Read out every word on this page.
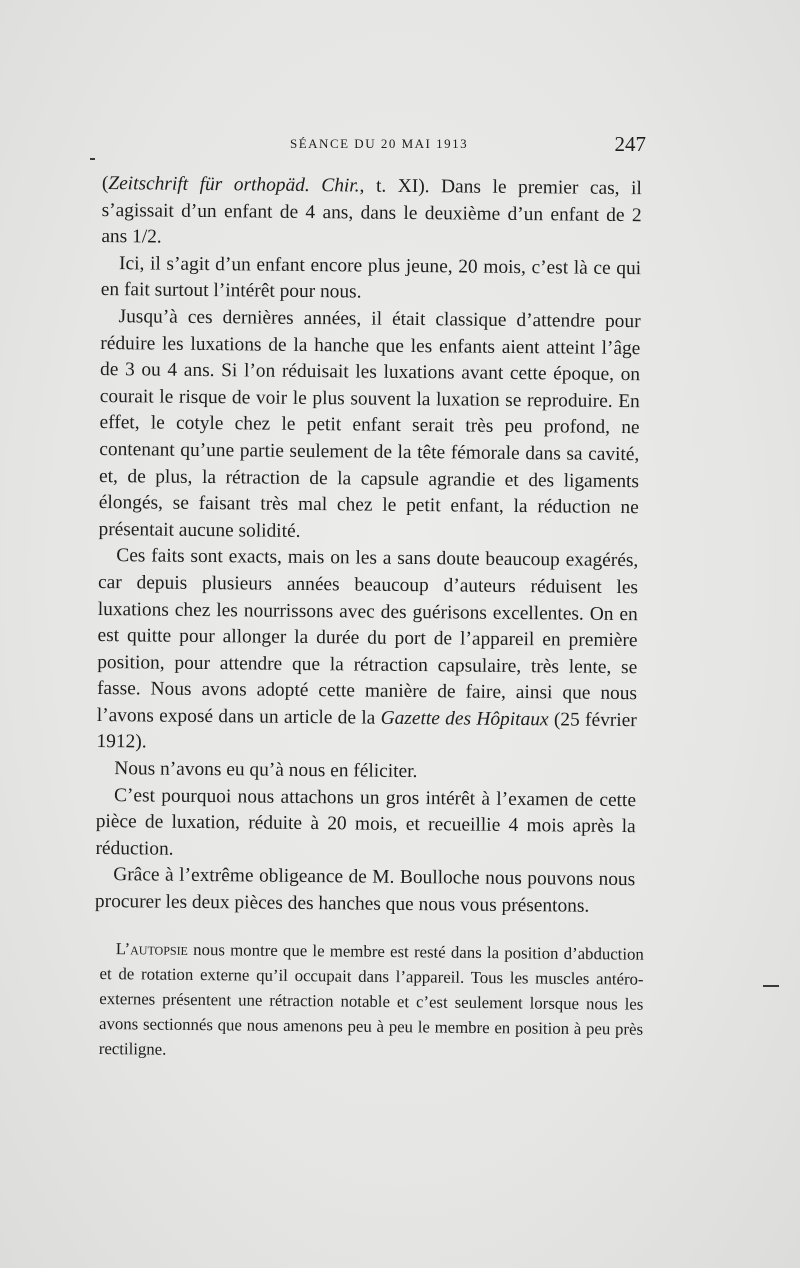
SÉANCE DU 20 MAI 1913	247

(Zeitschrift für orthopäd. Chir., t. XI). Dans le premier cas, il s’agissait d’un enfant de 4 ans, dans le deuxième d’un enfant de 2 ans 1/2.

Ici, il s’agit d’un enfant encore plus jeune, 20 mois, c’est là ce qui en fait surtout l’intérêt pour nous.

Jusqu’à ces dernières années, il était classique d’attendre pour réduire les luxations de la hanche que les enfants aient atteint l’âge de 3 ou 4 ans. Si l’on réduisait les luxations avant cette époque, on courait le risque de voir le plus souvent la luxation se reproduire. En effet, le cotyle chez le petit enfant serait très peu profond, ne contenant qu’une partie seulement de la tête fémorale dans sa cavité, et, de plus, la rétraction de la capsule agrandie et des ligaments élongés, se faisant très mal chez le petit enfant, la réduction ne présentait aucune solidité.

Ces faits sont exacts, mais on les a sans doute beaucoup exagérés, car depuis plusieurs années beaucoup d’auteurs réduisent les luxations chez les nourrissons avec des guérisons excellentes. On en est quitte pour allonger la durée du port de l’appareil en première position, pour attendre que la rétraction capsulaire, très lente, se fasse. Nous avons adopté cette manière de faire, ainsi que nous l’avons exposé dans un article de la Gazette des Hôpitaux (25 février 1912).

Nous n’avons eu qu’à nous en féliciter.

C’est pourquoi nous attachons un gros intérêt à l’examen de cette pièce de luxation, réduite à 20 mois, et recueillie 4 mois après la réduction.

Grâce à l’extrême obligeance de M. Boulloche nous pouvons nous procurer les deux pièces des hanches que nous vous présentons.

L’autopsie nous montre que le membre est resté dans la position d’abduction et de rotation externe qu’il occupait dans l’appareil. Tous les muscles antéro-externes présentent une rétraction notable et c’est seulement lorsque nous les avons sectionnés que nous amenons peu à peu le membre en position à peu près rectiligne.
